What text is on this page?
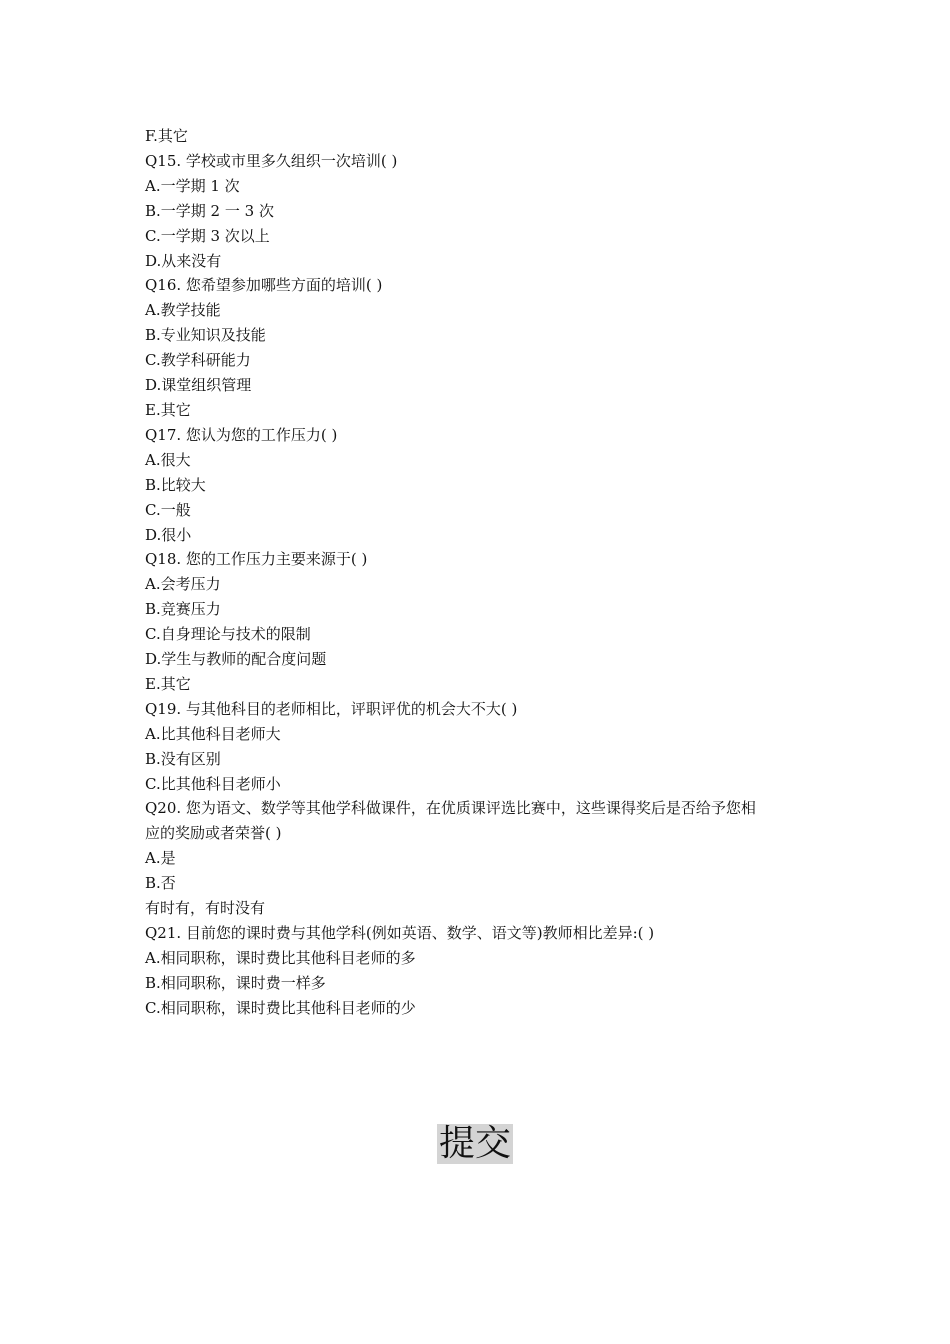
F.其它
Q15. 学校或市里多久组织一次培训( )
A.一学期 1 次
B.一学期 2 一 3 次
C.一学期 3 次以上
D.从来没有
Q16. 您希望参加哪些方面的培训( )
A.教学技能
B.专业知识及技能
C.教学科研能力
D.课堂组织管理
E.其它
Q17. 您认为您的工作压力( )
A.很大
B.比较大
C.一般
D.很小
Q18. 您的工作压力主要来源于( )
A.会考压力
B.竞赛压力
C.自身理论与技术的限制
D.学生与教师的配合度问题
E.其它
Q19. 与其他科目的老师相比，评职评优的机会大不大( )
A.比其他科目老师大
B.没有区别
C.比其他科目老师小
Q20. 您为语文、数学等其他学科做课件，在优质课评选比赛中，这些课得奖后是否给予您相
应的奖励或者荣誉( )
A.是
B.否
有时有，有时没有
Q21. 目前您的课时费与其他学科(例如英语、数学、语文等)教师相比差异:( )
A.相同职称，课时费比其他科目老师的多
B.相同职称，课时费一样多
C.相同职称，课时费比其他科目老师的少
提交
